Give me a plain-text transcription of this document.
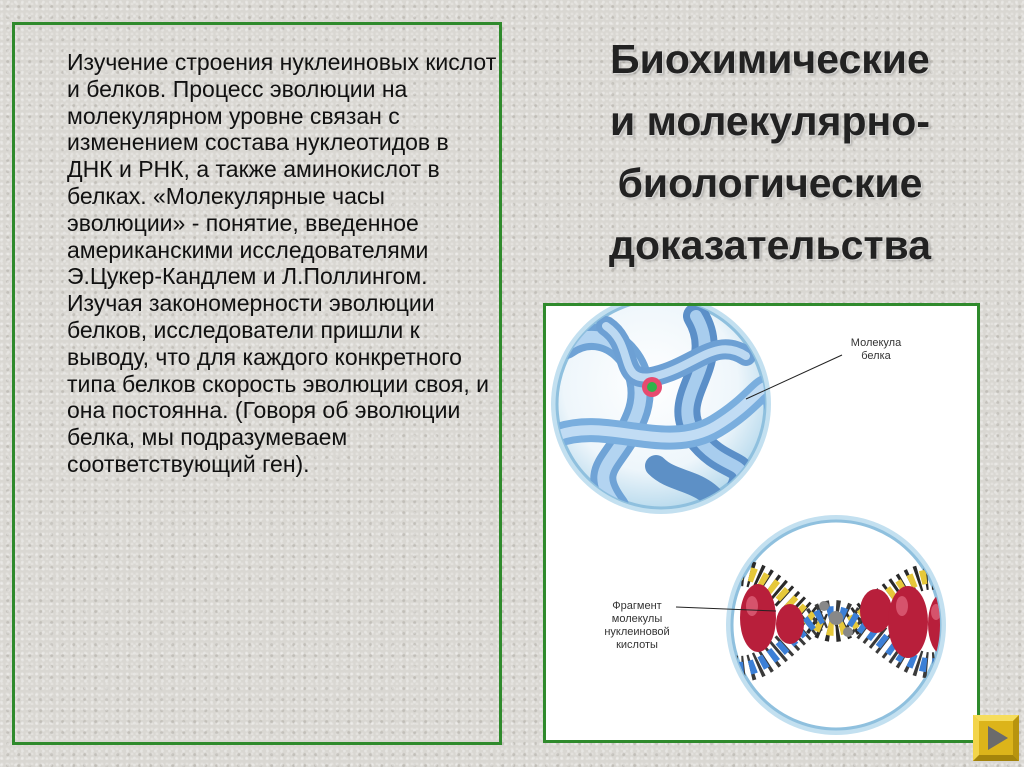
Изучение строения нуклеиновых кислот и белков. Процесс эволюции на молекулярном уровне связан с изменением состава нуклеотидов в ДНК и РНК, а также аминокислот в белках. «Молекулярные часы эволюции» - понятие, введенное американскими исследователями Э.Цукер-Кандлем и Л.Поллингом. Изучая закономерности эволюции белков, исследователи пришли к выводу, что для каждого конкретного типа белков скорость эволюции своя, и она постоянна. (Говоря об эволюции белка, мы подразумеваем соответствующий ген).

Биохимические
и молекулярно-
биологические
доказательства
Молекула
белка
Фрагмент
молекулы
нуклеиновой
кислоты
